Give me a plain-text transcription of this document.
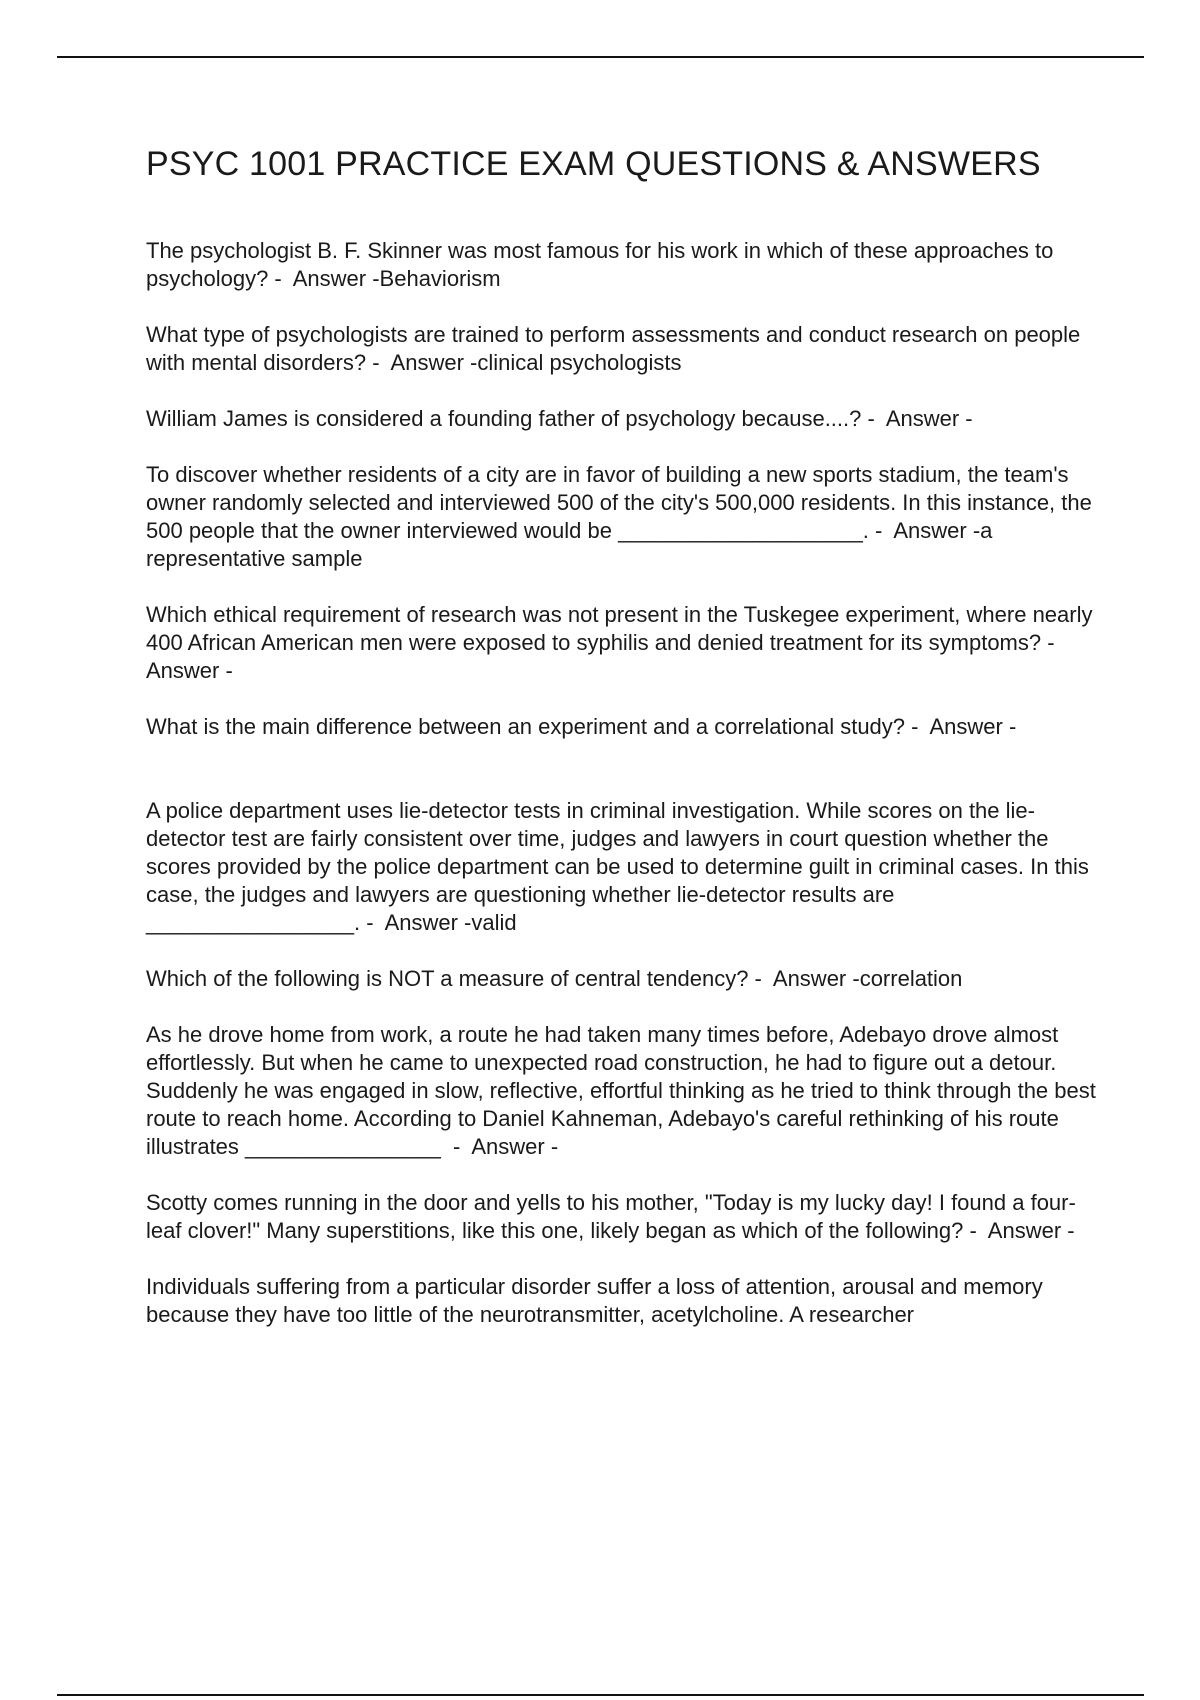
PSYC 1001 PRACTICE EXAM QUESTIONS & ANSWERS

The psychologist B. F. Skinner was most famous for his work in which of these approaches to psychology? -  Answer -Behaviorism

What type of psychologists are trained to perform assessments and conduct research on people with mental disorders? -  Answer -clinical psychologists

William James is considered a founding father of psychology because....? -  Answer -

To discover whether residents of a city are in favor of building a new sports stadium, the team's owner randomly selected and interviewed 500 of the city's 500,000 residents. In this instance, the 500 people that the owner interviewed would be ____________________. -  Answer -a representative sample

Which ethical requirement of research was not present in the Tuskegee experiment, where nearly 400 African American men were exposed to syphilis and denied treatment for its symptoms? -  Answer -

What is the main difference between an experiment and a correlational study? -  Answer -

A police department uses lie-detector tests in criminal investigation. While scores on the lie-detector test are fairly consistent over time, judges and lawyers in court question whether the scores provided by the police department can be used to determine guilt in criminal cases. In this case, the judges and lawyers are questioning whether lie-detector results are _________________. -  Answer -valid

Which of the following is NOT a measure of central tendency? -  Answer -correlation

As he drove home from work, a route he had taken many times before, Adebayo drove almost effortlessly. But when he came to unexpected road construction, he had to figure out a detour. Suddenly he was engaged in slow, reflective, effortful thinking as he tried to think through the best route to reach home. According to Daniel Kahneman, Adebayo's careful rethinking of his route illustrates ________________  -  Answer -

Scotty comes running in the door and yells to his mother, "Today is my lucky day! I found a four-leaf clover!" Many superstitions, like this one, likely began as which of the following? -  Answer -

Individuals suffering from a particular disorder suffer a loss of attention, arousal and memory because they have too little of the neurotransmitter, acetylcholine. A researcher
